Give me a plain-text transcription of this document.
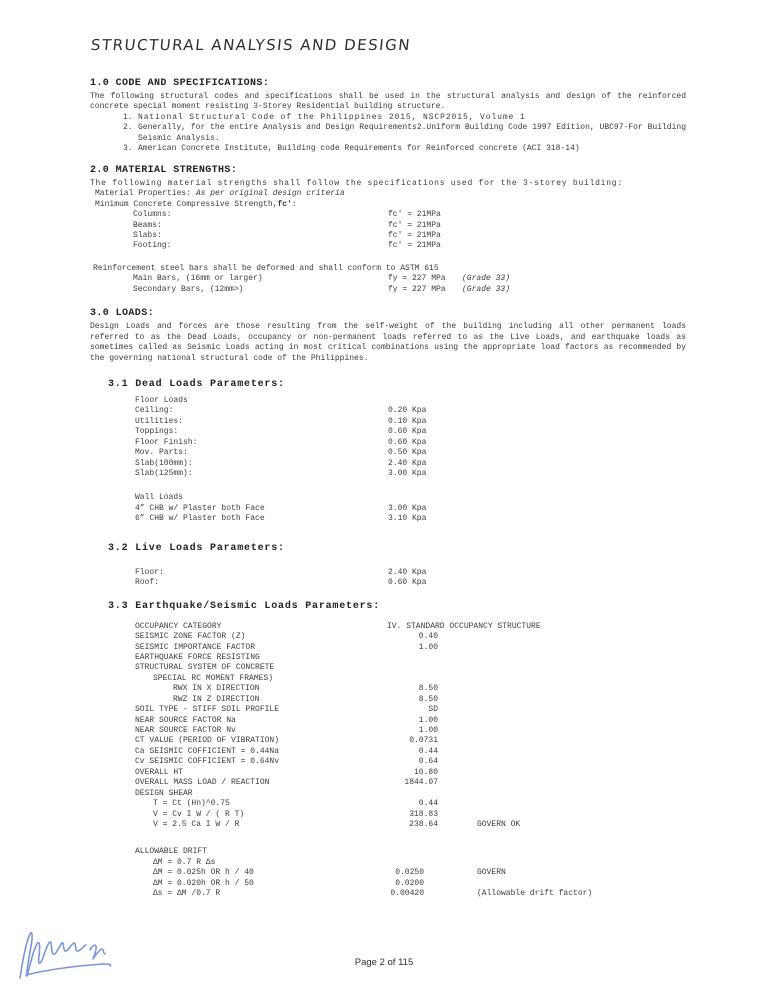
STRUCTURAL ANALYSIS AND DESIGN
1.0 CODE AND SPECIFICATIONS:

The following structural codes and specifications shall be used in the structural analysis and design of the reinforced concrete special moment resisting 3-Storey Residential building structure.

1. National Structural Code of the Philippines 2015, NSCP2015, Volume 1
2. Generally, for the entire Analysis and Design Requirements2.Uniform Building Code 1997 Edition, UBC97-For Building Seismic Analysis.
3. American Concrete Institute, Building code Requirements for Reinforced concrete (ACI 318-14)
2.0 MATERIAL STRENGTHS:
The following material strengths shall follow the specifications used for the 3-storey building:
Material Properties: As per original design criteria
Minimum Concrete Compressive Strength,fc':
Columns:	fc' = 21MPa
Beams:	fc' = 21MPa
Slabs:	fc' = 21MPa
Footing:	fc' = 21MPa
Reinforcement steel bars shall be deformed and shall conform to ASTM 615
Main Bars, (16mm or larger)	fy = 227 MPa (Grade 33)
Secondary Bars, (12mm>)	fy = 227 MPa (Grade 33)
3.0 LOADS:

Design Loads and forces are those resulting from the self-weight of the building including all other permanent loads referred to as the Dead Loads, occupancy or non-permanent loads referred to as the Live Loads, and earthquake loads as sometimes called as Seismic Loads acting in most critical combinations using the appropriate load factors as recommended by the governing national structural code of the Philippines.

3.1 Dead Loads Parameters:
Floor Loads
Ceiling:	0.20 Kpa
Utilities:	0.10 Kpa
Toppings:	0.60 Kpa
Floor Finish:	0.60 Kpa
Mov. Parts:	0.50 Kpa
Slab(100mm):	2.40 Kpa
Slab(125mm):	3.00 Kpa
Wall Loads
4” CHB w/ Plaster both Face	3.00 Kpa
6” CHB w/ Plaster both Face	3.10 Kpa
3.2 Live Loads Parameters:
Floor:	2.40 Kpa
Roof:	0.60 Kpa
3.3 Earthquake/Seismic Loads Parameters:
OCCUPANCY CATEGORY	IV. STANDARD OCCUPANCY STRUCTURE
SEISMIC ZONE FACTOR (Z)	0.40
SEISMIC IMPORTANCE FACTOR	1.00
EARTHQUAKE FORCE RESISTING
STRUCTURAL SYSTEM OF CONCRETE
SPECIAL RC MOMENT FRAMES)
RWX IN X DIRECTION	8.50
RWZ IN Z DIRECTION	8.50
SOIL TYPE - STIFF SOIL PROFILE	SD
NEAR SOURCE FACTOR Na	1.00
NEAR SOURCE FACTOR Nv	1.00
CT VALUE (PERIOD OF VIBRATION)	0.0731
Ca SEISMIC COFFICIENT = 0.44Na	0.44
Cv SEISMIC COFFICIENT = 0.64Nv	0.64
OVERALL HT	10.80
OVERALL MASS LOAD / REACTION	1844.07
DESIGN SHEAR
T = Ct (Hn)^0.75	0.44
V = Cv I W / ( R T)	318.83
V = 2.5 Ca I W / R	238.64	GOVERN OK
ALLOWABLE DRIFT
ΔM = 0.7 R Δs
ΔM = 0.025h OR h / 40	0.0250	GOVERN
ΔM = 0.020h OR h / 50	0.0200
Δs = ΔM /0.7 R	0.00420	(Allowable drift factor)
Page 2 of 115
